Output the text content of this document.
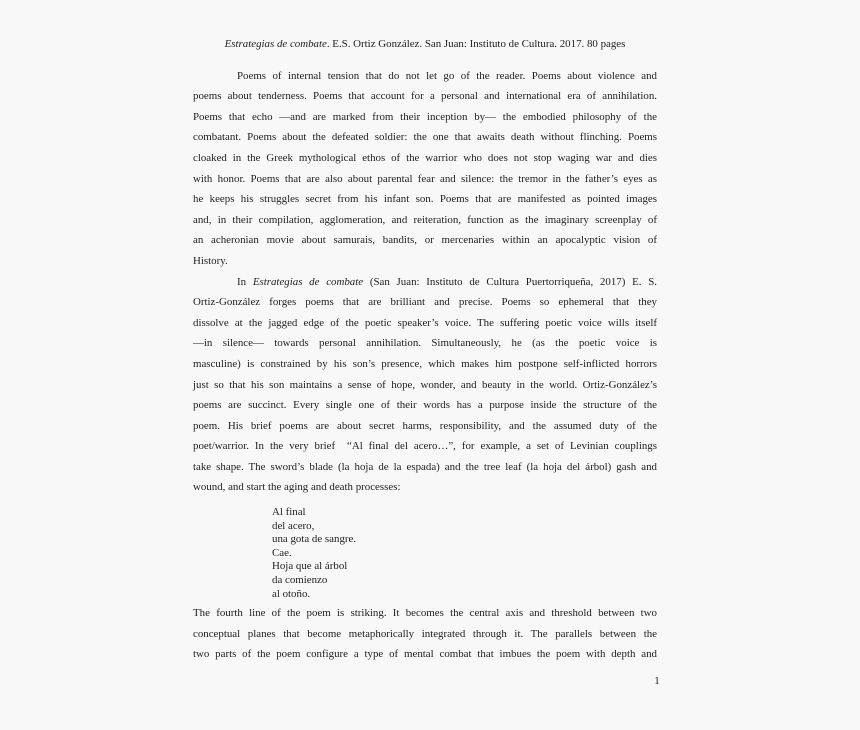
Estrategias de combate. E.S. Ortiz González. San Juan: Instituto de Cultura. 2017. 80 pages
Poems of internal tension that do not let go of the reader. Poems about violence and
poems about tenderness. Poems that account for a personal and international era of annihilation.
Poems that echo —and are marked from their inception by— the embodied philosophy of the
combatant. Poems about the defeated soldier: the one that awaits death without flinching. Poems
cloaked in the Greek mythological ethos of the warrior who does not stop waging war and dies
with honor. Poems that are also about parental fear and silence: the tremor in the father’s eyes as
he keeps his struggles secret from his infant son. Poems that are manifested as pointed images
and, in their compilation, agglomeration, and reiteration, function as the imaginary screenplay of
an acheronian movie about samurais, bandits, or mercenaries within an apocalyptic vision of
History.
In Estrategias de combate (San Juan: Instituto de Cultura Puertorriqueña, 2017) E. S.
Ortiz-González forges poems that are brilliant and precise. Poems so ephemeral that they
dissolve at the jagged edge of the poetic speaker’s voice. The suffering poetic voice wills itself
—in silence— towards personal annihilation. Simultaneously, he (as the poetic voice is
masculine) is constrained by his son’s presence, which makes him postpone self-inflicted horrors
just so that his son maintains a sense of hope, wonder, and beauty in the world. Ortiz-González’s
poems are succinct. Every single one of their words has a purpose inside the structure of the
poem. His brief poems are about secret harms, responsibility, and the assumed duty of the
poet/warrior. In the very brief  “Al final del acero…”, for example, a set of Levinian couplings
take shape. The sword’s blade (la hoja de la espada) and the tree leaf (la hoja del árbol) gash and
wound, and start the aging and death processes:
Al final
del acero,
una gota de sangre.
Cae.
Hoja que al árbol
da comienzo
al otoño.
The fourth line of the poem is striking. It becomes the central axis and threshold between two
conceptual planes that become metaphorically integrated through it. The parallels between the
two parts of the poem configure a type of mental combat that imbues the poem with depth and
1
